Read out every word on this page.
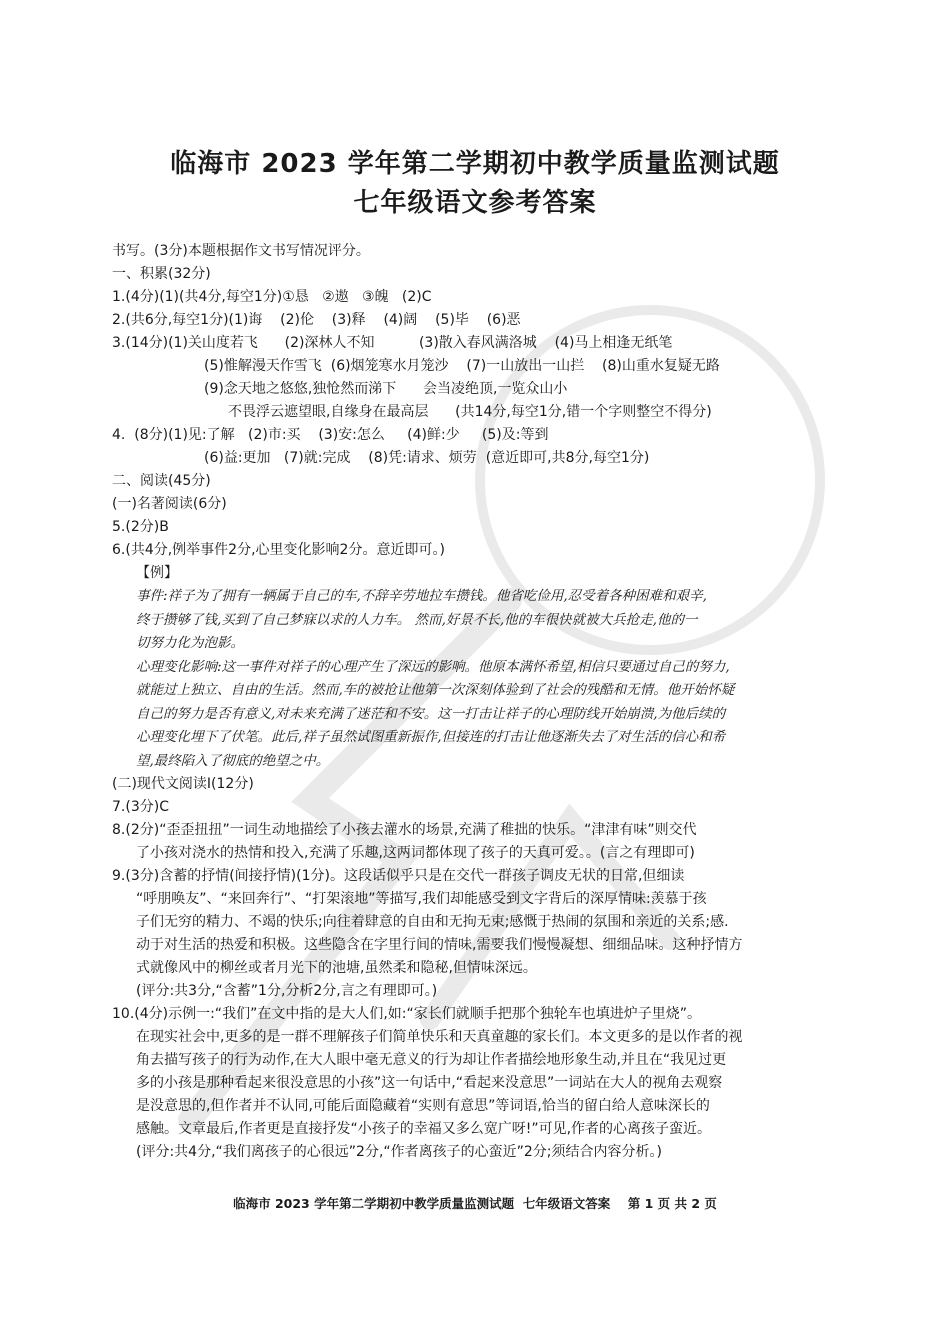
临海市 2023 学年第二学期初中教学质量监测试题
七年级语文参考答案
书写。(3分)本题根据作文书写情况评分。
一、积累(32分)
1.(4分)(1)(共4分,每空1分)①恳   ②遨   ③魄   (2)C
2.(共6分,每空1分)(1)诲    (2)伦    (3)释    (4)阔    (5)毕    (6)恶
3.(14分)(1)关山度若飞      (2)深林人不知          (3)散入春风满洛城    (4)马上相逢无纸笔
(5)惟解漫天作雪飞  (6)烟笼寒水月笼沙    (7)一山放出一山拦    (8)山重水复疑无路
(9)念天地之悠悠,独怆然而涕下      会当凌绝顶,一览众山小
不畏浮云遮望眼,自缘身在最高层      (共14分,每空1分,错一个字则整空不得分)
4.  (8分)(1)见:了解   (2)市:买    (3)安:怎么     (4)鲜:少     (5)及:等到
(6)益:更加   (7)就:完成    (8)凭:请求、烦劳  (意近即可,共8分,每空1分)
二、阅读(45分)
(一)名著阅读(6分)
5.(2分)B
6.(共4分,例举事件2分,心里变化影响2分。意近即可。)
【例】
事件:祥子为了拥有一辆属于自己的车,不辞辛劳地拉车攒钱。他省吃俭用,忍受着各种困难和艰辛,
终于攒够了钱,买到了自己梦寐以求的人力车。 然而,好景不长,他的车很快就被大兵抢走,他的一
切努力化为泡影。
心理变化影响:这一事件对祥子的心理产生了深远的影响。他原本满怀希望,相信只要通过自己的努力,
就能过上独立、自由的生活。然而,车的被抢让他第一次深刻体验到了社会的残酷和无情。他开始怀疑
自己的努力是否有意义,对未来充满了迷茫和不安。这一打击让祥子的心理防线开始崩溃,为他后续的
心理变化埋下了伏笔。此后,祥子虽然试图重新振作,但接连的打击让他逐渐失去了对生活的信心和希
望,最终陷入了彻底的绝望之中。
(二)现代文阅读Ⅰ(12分)
7.(3分)C
8.(2分)“歪歪扭扭”一词生动地描绘了小孩去灌水的场景,充满了稚拙的快乐。“津津有味”则交代
了小孩对浇水的热情和投入,充满了乐趣,这两词都体现了孩子的天真可爱。。(言之有理即可)
9.(3分)含蓄的抒情(间接抒情)(1分)。这段话似乎只是在交代一群孩子调皮无状的日常,但细读
“呼朋唤友”、“来回奔行”、“打架滚地”等描写,我们却能感受到文字背后的深厚情味:羡慕于孩
子们无穷的精力、不竭的快乐;向往着肆意的自由和无拘无束;感慨于热闹的氛围和亲近的关系;感.
动于对生活的热爱和积极。这些隐含在字里行间的情味,需要我们慢慢凝想、细细品味。这种抒情方
式就像风中的柳丝或者月光下的池塘,虽然柔和隐秘,但情味深远。
(评分:共3分,“含蓄”1分,分析2分,言之有理即可。)
10.(4分)示例一:“我们”在文中指的是大人们,如:“家长们就顺手把那个独轮车也填进炉子里烧”。
在现实社会中,更多的是一群不理解孩子们简单快乐和天真童趣的家长们。本文更多的是以作者的视
角去描写孩子的行为动作,在大人眼中毫无意义的行为却让作者描绘地形象生动,并且在“我见过更
多的小孩是那种看起来很没意思的小孩”这一句话中,“看起来没意思”一词站在大人的视角去观察
是没意思的,但作者并不认同,可能后面隐藏着“实则有意思”等词语,恰当的留白给人意味深长的
感触。文章最后,作者更是直接抒发“小孩子的幸福又多么宽广呀!”可见,作者的心离孩子蛮近。
(评分:共4分,“我们离孩子的心很远”2分,“作者离孩子的心蛮近”2分;须结合内容分析。)
临海市 2023 学年第二学期初中教学质量监测试题  七年级语文答案    第 1 页 共 2 页
